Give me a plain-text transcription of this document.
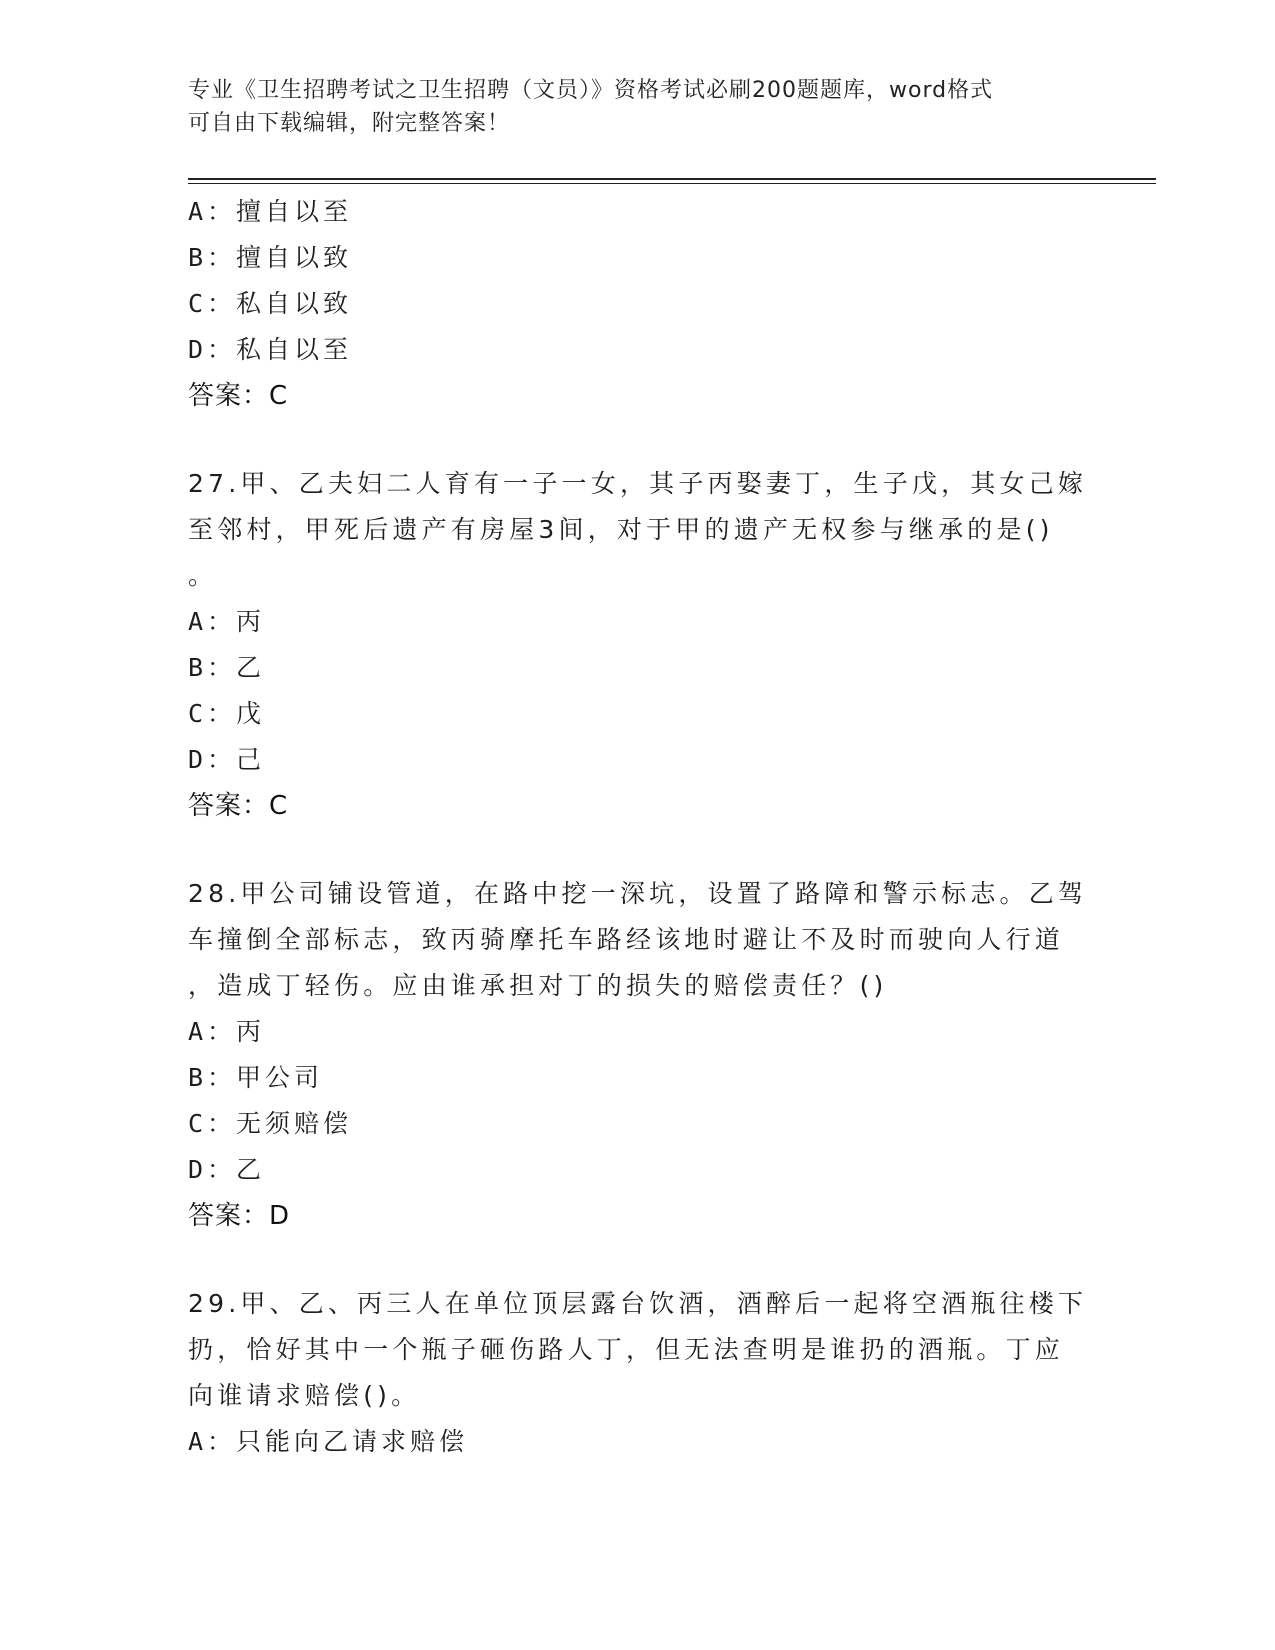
专业《卫生招聘考试之卫生招聘（文员）》资格考试必刷200题题库，word格式
可自由下载编辑，附完整答案！
A：擅自以至
B：擅自以致
C：私自以致
D：私自以至
答案：C
27.甲、乙夫妇二人育有一子一女，其子丙娶妻丁，生子戊，其女己嫁
至邻村，甲死后遗产有房屋3间，对于甲的遗产无权参与继承的是()
。
A：丙
B：乙
C：戊
D：己
答案：C
28.甲公司铺设管道，在路中挖一深坑，设置了路障和警示标志。乙驾
车撞倒全部标志，致丙骑摩托车路经该地时避让不及时而驶向人行道
，造成丁轻伤。应由谁承担对丁的损失的赔偿责任？()
A：丙
B：甲公司
C：无须赔偿
D：乙
答案：D
29.甲、乙、丙三人在单位顶层露台饮酒，酒醉后一起将空酒瓶往楼下
扔，恰好其中一个瓶子砸伤路人丁，但无法查明是谁扔的酒瓶。丁应
向谁请求赔偿()。
A：只能向乙请求赔偿
